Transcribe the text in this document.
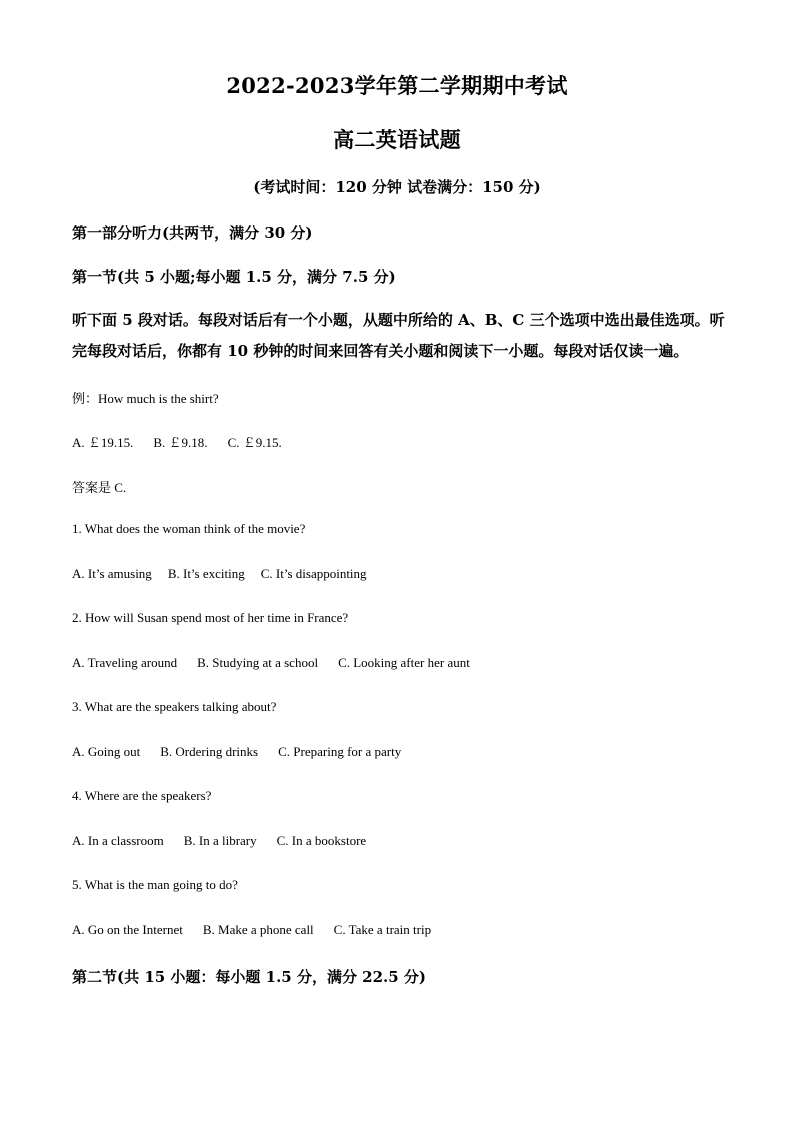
2022-2023学年第二学期期中考试
高二英语试题
(考试时间：120 分钟 试卷满分：150 分)
第一部分听力(共两节，满分 30 分)
第一节(共 5 小题;每小题 1.5 分，满分 7.5 分)
听下面 5 段对话。每段对话后有一个小题，从题中所给的 A、B、C 三个选项中选出最佳选项。听完每段对话后，你都有 10 秒钟的时间来回答有关小题和阅读下一小题。每段对话仅读一遍。
例：How much is the shirt?
A. ￡19.15. B. ￡9.18. C. ￡9.15.
答案是 C.
1. What does the woman think of the movie?
A. It’s amusing B. It’s exciting C. It’s disappointing
2. How will Susan spend most of her time in France?
A. Traveling around B. Studying at a school C. Looking after her aunt
3. What are the speakers talking about?
A. Going out B. Ordering drinks C. Preparing for a party
4. Where are the speakers?
A. In a classroom B. In a library C. In a bookstore
5. What is the man going to do?
A. Go on the Internet B. Make a phone call C. Take a train trip
第二节(共 15 小题：每小题 1.5 分，满分 22.5 分)
